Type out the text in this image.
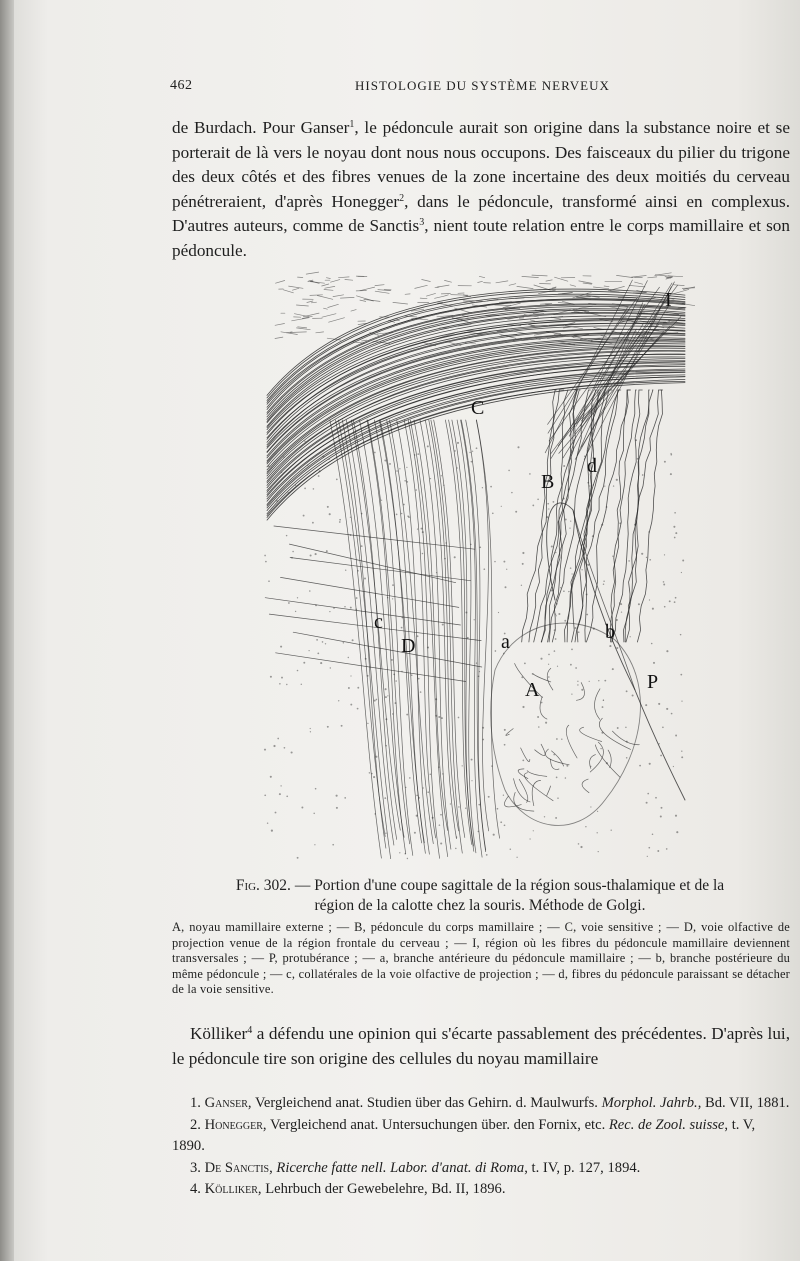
462	HISTOLOGIE DU SYSTÈME NERVEUX

de Burdach. Pour Ganser$^1$, le pédoncule aurait son origine dans la substance noire et se porterait de là vers le noyau dont nous nous occupons. Des faisceaux du pilier du trigone des deux côtés et des fibres venues de la zone incertaine des deux moitiés du cerveau pénétreraient, d'après Honegger$^2$, dans le pédoncule, transformé ainsi en complexus. D'autres auteurs, comme de Sanctis$^3$, nient toute relation entre le corps mamillaire et son pédoncule.

I
C
d
B
c
D	a	b
A	P
Fig. 302. — Portion d'une coupe sagittale de la région sous-thalamique et de la région de la calotte chez la souris. Méthode de Golgi.
A, noyau mamillaire externe ; — B, pédoncule du corps mamillaire ; — C, voie sensitive ; — D, voie olfactive de projection venue de la région frontale du cerveau ; — I, région où les fibres du pédoncule mamillaire deviennent transversales ; — P, protubérance ; — a, branche antérieure du pédoncule mamillaire ; — b, branche postérieure du même pédoncule ; — c, collatérales de la voie olfactive de projection ; — d, fibres du pédoncule paraissant se détacher de la voie sensitive.

Kölliker$^4$ a défendu une opinion qui s'écarte passablement des précédentes. D'après lui, le pédoncule tire son origine des cellules du noyau mamillaire

1. Ganser, Vergleichend anat. Studien über das Gehirn. d. Maulwurfs. Morphol. Jahrb., Bd. VII, 1881.

2. Honegger, Vergleichend anat. Untersuchungen über. den Fornix, etc. Rec. de Zool. suisse, t. V, 1890.

3. De Sanctis, Ricerche fatte nell. Labor. d'anat. di Roma, t. IV, p. 127, 1894.

4. Kölliker, Lehrbuch der Gewebelehre, Bd. II, 1896.
